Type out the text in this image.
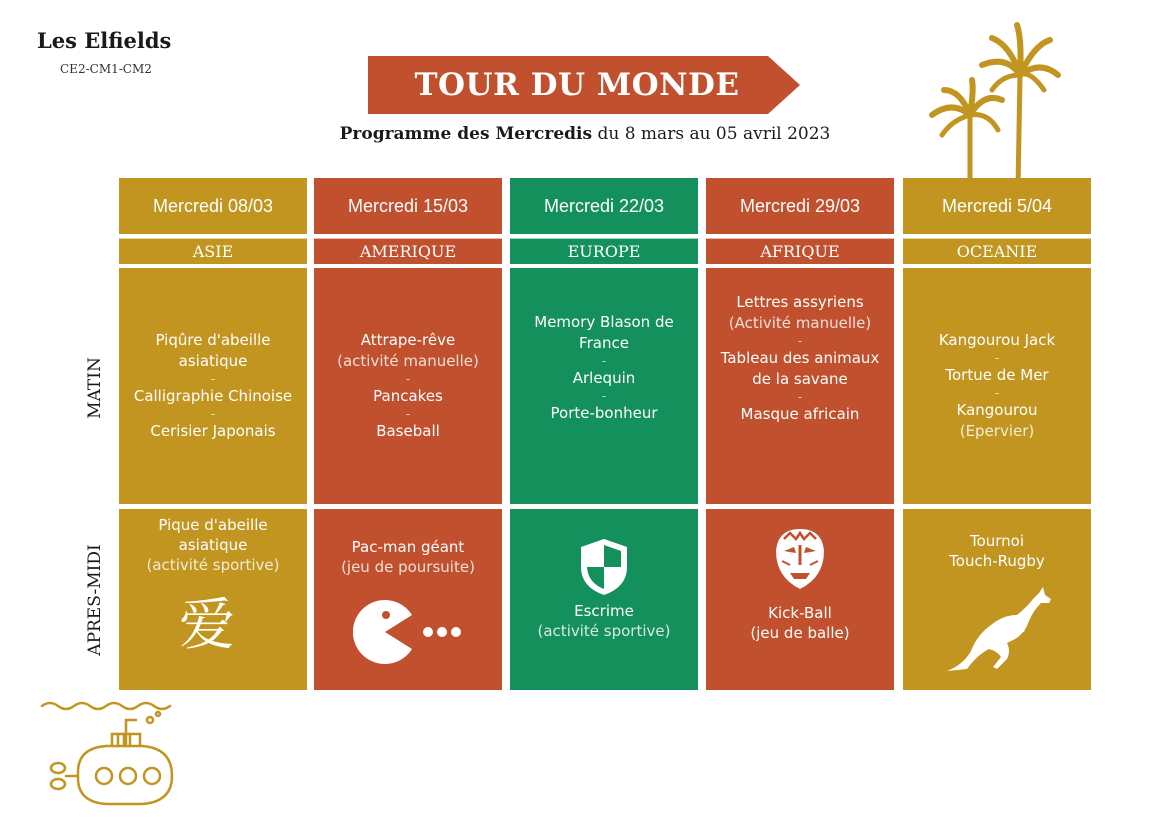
Les Elfields
CE2-CM1-CM2	TOUR DU MONDE
Programme des Mercredis du 8 mars au 05 avril 2023
MATIN
APRES-MIDI
Mercredi 08/03
ASIE
Piqûre d'abeille
asiatique
-
Calligraphie Chinoise
-
Cerisier Japonais
Pique d'abeille
asiatique
(activité sportive)
爱
Mercredi 15/03
AMERIQUE
Attrape-rêve
(activité manuelle)
-
Pancakes
-
Baseball
Pac-man géant
(jeu de poursuite)
Mercredi 22/03
EUROPE
Memory Blason de
France
-
Arlequin
-
Porte-bonheur
Escrime
(activité sportive)
Mercredi 29/03
AFRIQUE
Lettres assyriens
(Activité manuelle)
-
Tableau des animaux
de la savane
-
Masque africain
Kick-Ball
(jeu de balle)
Mercredi 5/04
OCEANIE
Kangourou Jack
-
Tortue de Mer
-
Kangourou
(Epervier)
Tournoi
Touch-Rugby
